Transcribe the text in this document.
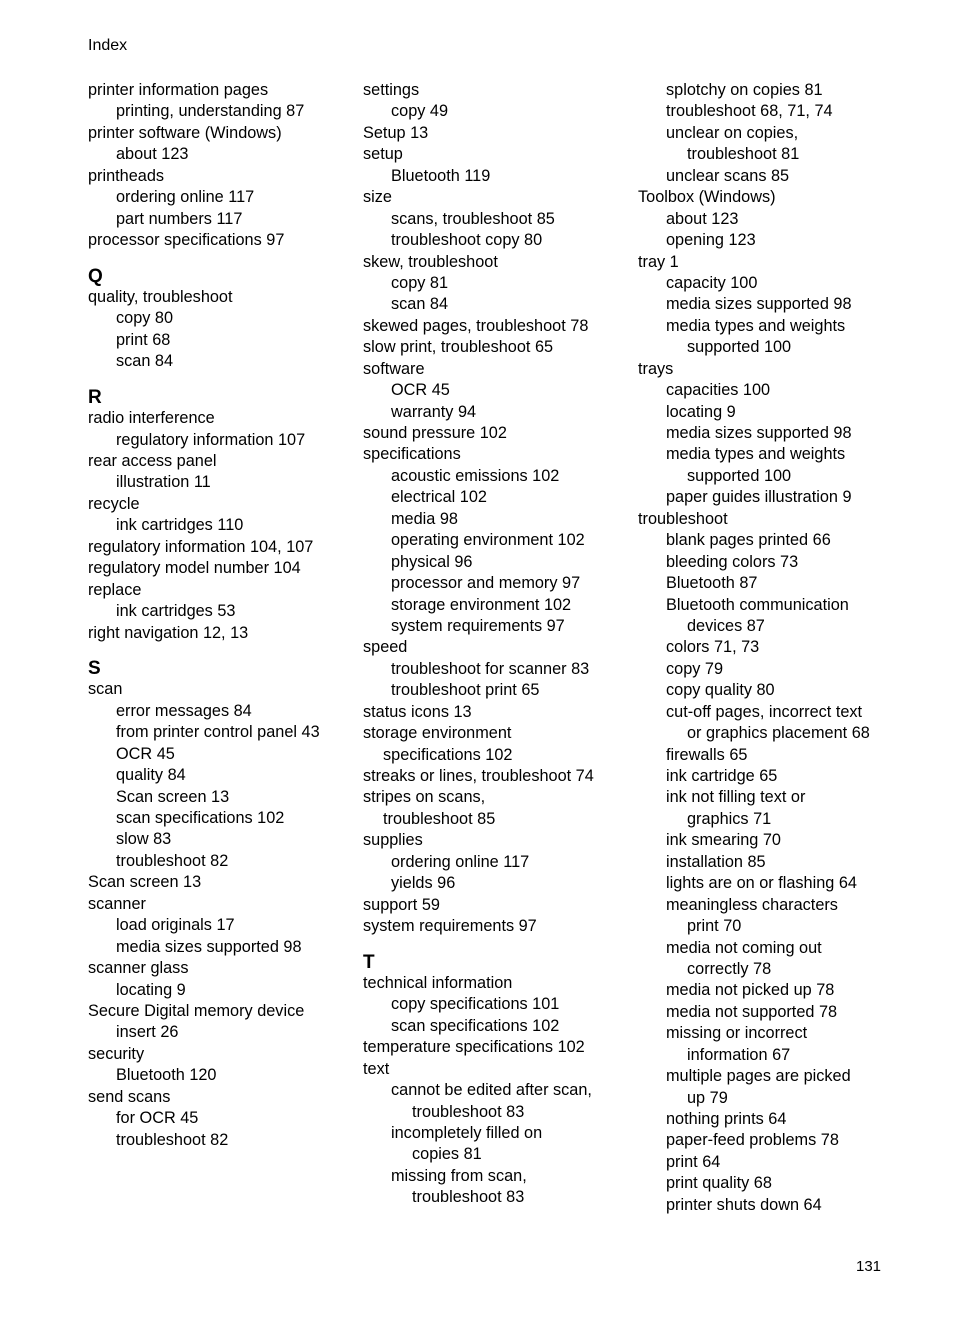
Index
printer information pages
printing, understanding 87
printer software (Windows)
about 123
printheads
ordering online 117
part numbers 117
processor specifications 97
Q
quality, troubleshoot
copy 80
print 68
scan 84
R
radio interference
regulatory information 107
rear access panel
illustration 11
recycle
ink cartridges 110
regulatory information 104, 107
regulatory model number 104
replace
ink cartridges 53
right navigation 12, 13
S
scan
error messages 84
from printer control panel 43
OCR 45
quality 84
Scan screen 13
scan specifications 102
slow 83
troubleshoot 82
Scan screen 13
scanner
load originals 17
media sizes supported 98
scanner glass
locating 9
Secure Digital memory device
insert 26
security
Bluetooth 120
send scans
for OCR 45
troubleshoot 82
settings
copy 49
Setup 13
setup
Bluetooth 119
size
scans, troubleshoot 85
troubleshoot copy 80
skew, troubleshoot
copy 81
scan 84
skewed pages, troubleshoot 78
slow print, troubleshoot 65
software
OCR 45
warranty 94
sound pressure 102
specifications
acoustic emissions 102
electrical 102
media 98
operating environment 102
physical 96
processor and memory 97
storage environment 102
system requirements 97
speed
troubleshoot for scanner 83
troubleshoot print 65
status icons 13
storage environment
specifications 102
streaks or lines, troubleshoot 74
stripes on scans,
troubleshoot 85
supplies
ordering online 117
yields 96
support 59
system requirements 97
T
technical information
copy specifications 101
scan specifications 102
temperature specifications 102
text
cannot be edited after scan,
troubleshoot 83
incompletely filled on
copies 81
missing from scan,
troubleshoot 83
splotchy on copies 81
troubleshoot 68, 71, 74
unclear on copies,
troubleshoot 81
unclear scans 85
Toolbox (Windows)
about 123
opening 123
tray 1
capacity 100
media sizes supported 98
media types and weights
supported 100
trays
capacities 100
locating 9
media sizes supported 98
media types and weights
supported 100
paper guides illustration 9
troubleshoot
blank pages printed 66
bleeding colors 73
Bluetooth 87
Bluetooth communication
devices 87
colors 71, 73
copy 79
copy quality 80
cut-off pages, incorrect text
or graphics placement 68
firewalls 65
ink cartridge 65
ink not filling text or
graphics 71
ink smearing 70
installation 85
lights are on or flashing 64
meaningless characters
print 70
media not coming out
correctly 78
media not picked up 78
media not supported 78
missing or incorrect
information 67
multiple pages are picked
up 79
nothing prints 64
paper-feed problems 78
print 64
print quality 68
printer shuts down 64
131
